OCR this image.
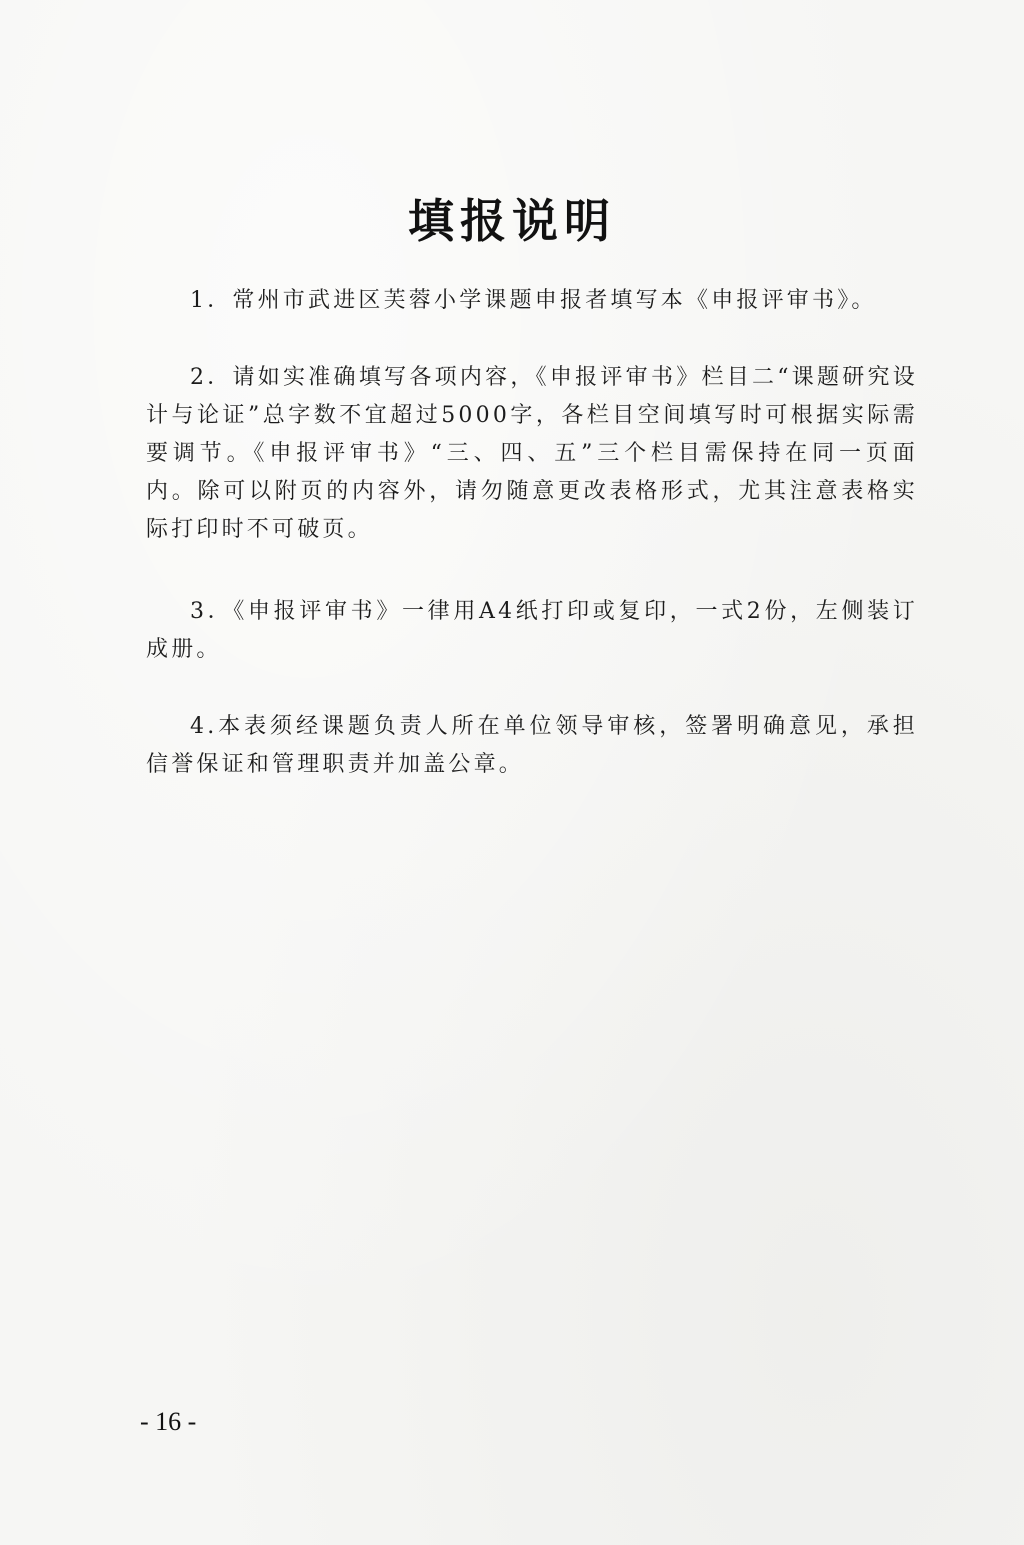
填报说明

1．常州市武进区芙蓉小学课题申报者填写本《申报评审书》。

2．请如实准确填写各项内容，《申报评审书》栏目二“课题研究设计与论证”总字数不宜超过5000字，各栏目空间填写时可根据实际需要调节。《申报评审书》“三、四、五”三个栏目需保持在同一页面内。除可以附页的内容外，请勿随意更改表格形式，尤其注意表格实际打印时不可破页。

3．《申报评审书》一律用A4纸打印或复印，一式2份，左侧装订成册。

4.本表须经课题负责人所在单位领导审核，签署明确意见，承担信誉保证和管理职责并加盖公章。

- 16 -
